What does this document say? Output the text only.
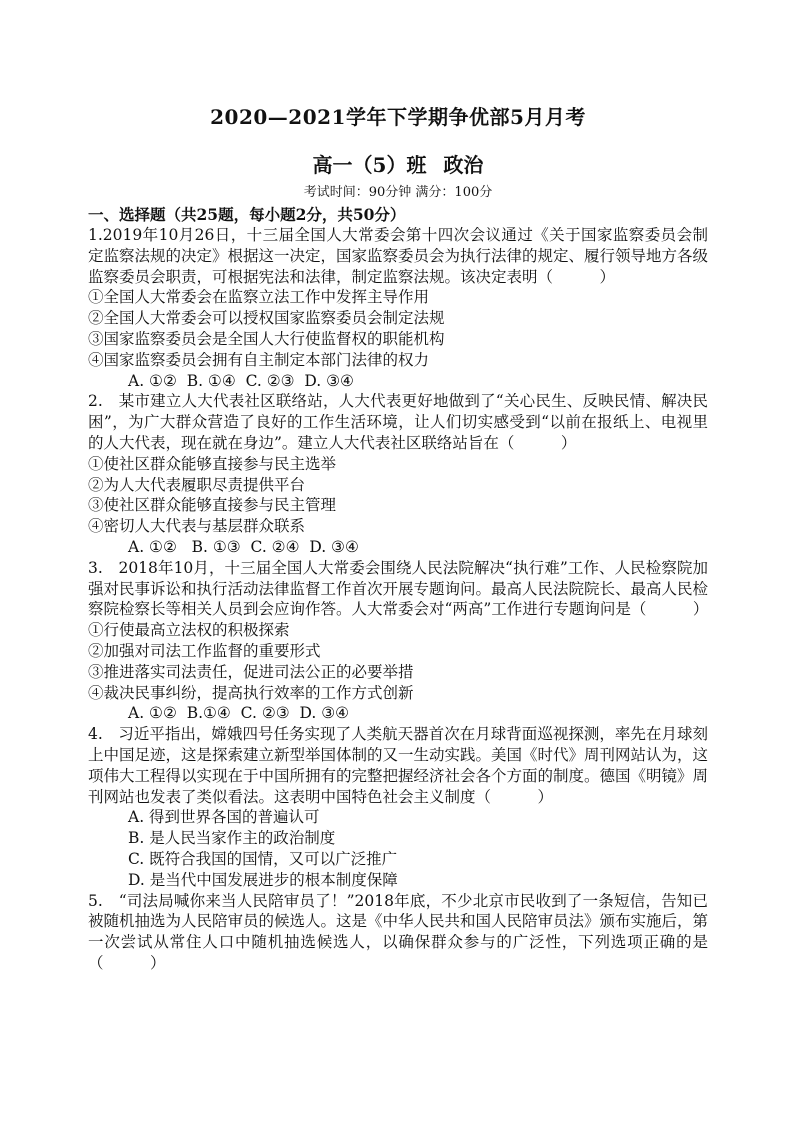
2020—2021学年下学期争优部5月月考
高一（5）班 政治
考试时间：90分钟 满分：100分
一、选择题（共25题，每小题2分，共50分）

1.2019年10月26日，十三届全国人大常委会第十四次会议通过《关于国家监察委员会制定监察法规的决定》根据这一决定，国家监察委员会为执行法律的规定、履行领导地方各级监察委员会职责，可根据宪法和法律，制定监察法规。该决定表明（　　　）

①全国人大常委会在监察立法工作中发挥主导作用
②全国人大常委会可以授权国家监察委员会制定法规
③国家监察委员会是全国人大行使监督权的职能机构
④国家监察委员会拥有自主制定本部门法律的权力
A. ①②  B. ①④  C. ②③  D. ③④

2.　某市建立人大代表社区联络站，人大代表更好地做到了“关心民生、反映民情、解决民困”，为广大群众营造了良好的工作生活环境，让人们切实感受到“以前在报纸上、电视里的人大代表，现在就在身边”。建立人大代表社区联络站旨在（　　　）

①使社区群众能够直接参与民主选举
②为人大代表履职尽责提供平台
③使社区群众能够直接参与民主管理
④密切人大代表与基层群众联系
A. ①②   B. ①③  C. ②④  D. ③④

3.　2018年10月，十三届全国人大常委会围绕人民法院解决“执行难”工作、人民检察院加强对民事诉讼和执行活动法律监督工作首次开展专题询问。最高人民法院院长、最高人民检察院检察长等相关人员到会应询作答。人大常委会对“两高”工作进行专题询问是（　　　）

①行使最高立法权的积极探索
②加强对司法工作监督的重要形式
③推进落实司法责任，促进司法公正的必要举措
④裁决民事纠纷，提高执行效率的工作方式创新
A. ①②  B.①④  C. ②③  D. ③④

4.　习近平指出，嫦娥四号任务实现了人类航天器首次在月球背面巡视探测，率先在月球刻上中国足迹，这是探索建立新型举国体制的又一生动实践。美国《时代》周刊网站认为，这项伟大工程得以实现在于中国所拥有的完整把握经济社会各个方面的制度。德国《明镜》周刊网站也发表了类似看法。这表明中国特色社会主义制度（　　　）

A. 得到世界各国的普遍认可
B. 是人民当家作主的政治制度
C. 既符合我国的国情，又可以广泛推广
D. 是当代中国发展进步的根本制度保障

5.　“司法局喊你来当人民陪审员了！”2018年底，不少北京市民收到了一条短信，告知已被随机抽选为人民陪审员的候选人。这是《中华人民共和国人民陪审员法》颁布实施后，第一次尝试从常住人口中随机抽选候选人，以确保群众参与的广泛性，下列选项正确的是（　　　）
